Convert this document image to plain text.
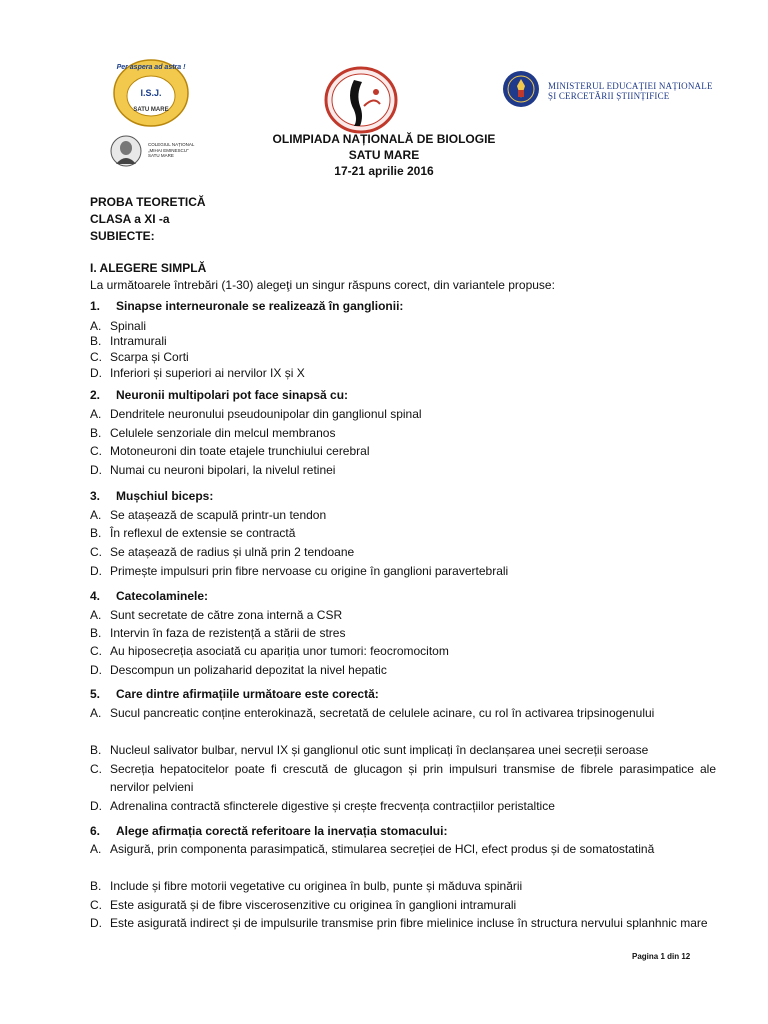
Per aspera ad astra !
I.S.J.
SATU MARE
COLEGIUL NAȚIONAL
„MIHAI EMINESCU”
SATU MARE
MINISTERUL EDUCAȚIEI NAȚIONALE
ȘI CERCETĂRII ȘTIINȚIFICE
OLIMPIADA NAȚIONALĂ DE BIOLOGIE
SATU MARE
17-21 aprilie 2016
PROBA TEORETICĂ
CLASA a XI -a
SUBIECTE:
I. ALEGERE SIMPLĂ
La următoarele întrebări (1-30) alegeţi un singur răspuns corect, din variantele propuse:
1. Sinapse interneuronale se realizează în ganglionii:
A. Spinali
B. Intramurali
C. Scarpa și Corti
D. Inferiori și superiori ai nervilor IX și X
2. Neuronii multipolari pot face sinapsă cu:
A. Dendritele neuronului pseudounipolar din ganglionul spinal
B. Celulele senzoriale din melcul membranos
C. Motoneuroni din toate etajele trunchiului cerebral
D. Numai cu neuroni bipolari, la nivelul retinei
3. Mușchiul biceps:
A. Se atașează de scapulă printr-un tendon
B. În reflexul de extensie se contractă
C. Se atașează de radius și ulnă prin 2 tendoane
D. Primește impulsuri prin fibre nervoase cu origine în ganglioni paravertebrali
4. Catecolaminele:
A. Sunt secretate de către zona internă a CSR
B. Intervin în faza de rezistență a stării de stres
C. Au hiposecreția asociată cu apariția unor tumori: feocromocitom
D. Descompun un polizaharid depozitat la nivel hepatic
5. Care dintre afirmațiile următoare este corectă:
A. Sucul pancreatic conține enterokinază, secretată de celulele acinare, cu rol în activarea tripsinogenului
B. Nucleul salivator bulbar, nervul IX și ganglionul otic sunt implicați în declanșarea unei secreții seroase
C. Secreția hepatocitelor poate fi crescută de glucagon și prin impulsuri transmise de fibrele parasimpatice ale nervilor pelvieni
D. Adrenalina contractă sfincterele digestive și crește frecvența contracțiilor peristaltice
6. Alege afirmația corectă referitoare la inervația stomacului:
A. Asigură, prin componenta parasimpatică, stimularea secreției de HCl, efect produs și de somatostatină
B. Include și fibre motorii vegetative cu originea în bulb, punte și măduva spinării
C. Este asigurată și de fibre viscerosenzitive cu originea în ganglioni intramurali
D. Este asigurată indirect și de impulsurile transmise prin fibre mielinice incluse în structura nervului splanhnic mare
Pagina 1 din 12
